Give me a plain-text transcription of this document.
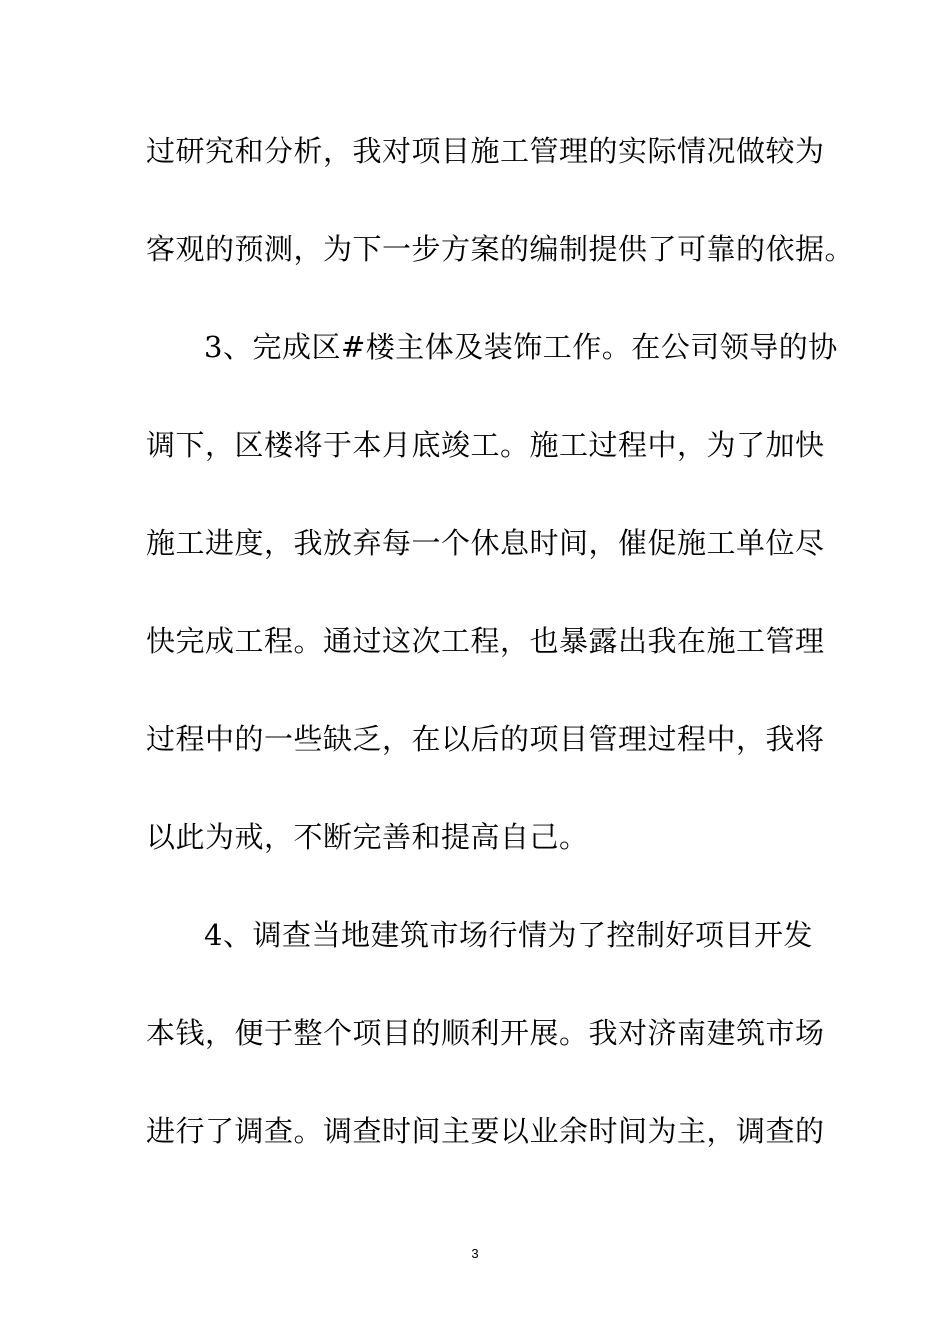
过研究和分析，我对项目施工管理的实际情况做较为
客观的预测，为下一步方案的编制提供了可靠的依据。
3、完成区#楼主体及装饰工作。在公司领导的协
调下，区楼将于本月底竣工。施工过程中，为了加快
施工进度，我放弃每一个休息时间，催促施工单位尽
快完成工程。通过这次工程，也暴露出我在施工管理
过程中的一些缺乏，在以后的项目管理过程中，我将
以此为戒，不断完善和提高自己。
4、调查当地建筑市场行情为了控制好项目开发
本钱，便于整个项目的顺利开展。我对济南建筑市场
进行了调查。调查时间主要以业余时间为主，调查的
3
